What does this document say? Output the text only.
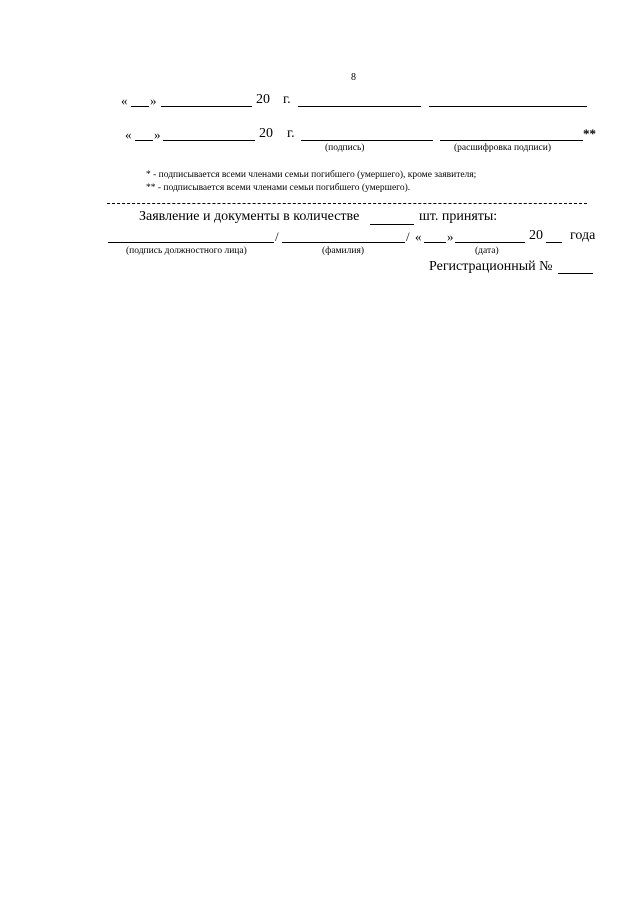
8
« »	20 г.
« »	20 г.	**
(подпись)	(расшифровка подписи)
* - подписывается всеми членами семьи погибшего (умершего), кроме заявителя;
** - подписывается всеми членами семьи погибшего (умершего).
Заявление и документы в количестве	шт. приняты:
/	/ « »	20 года
(подпись должностного лица)	(фамилия)	(дата)
Регистрационный №
